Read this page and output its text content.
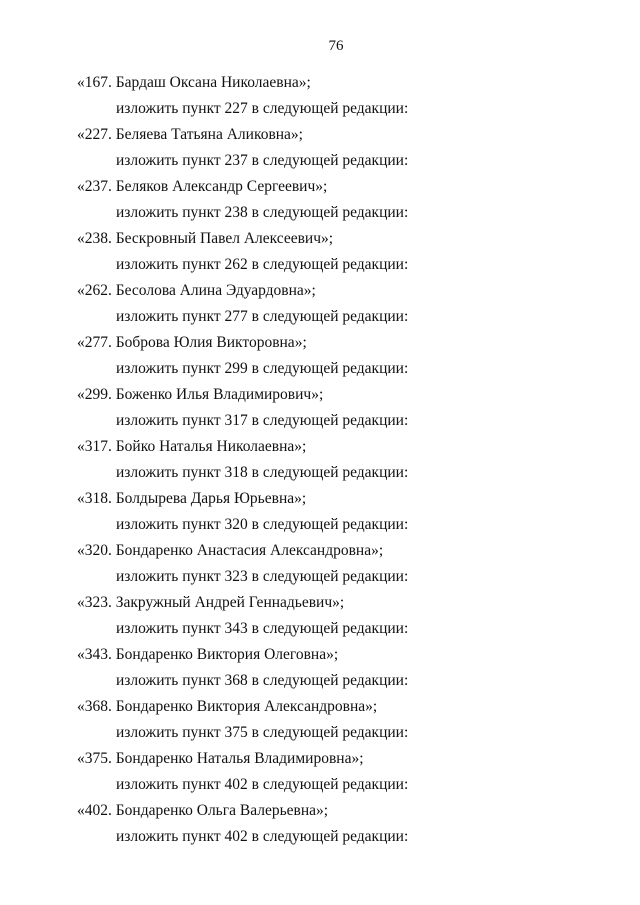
76
«167. Бардаш Оксана Николаевна»;
изложить пункт 227 в следующей редакции:
«227. Беляева Татьяна Аликовна»;
изложить пункт 237 в следующей редакции:
«237. Беляков Александр Сергеевич»;
изложить пункт 238 в следующей редакции:
«238. Бескровный Павел Алексеевич»;
изложить пункт 262 в следующей редакции:
«262. Бесолова Алина Эдуардовна»;
изложить пункт 277 в следующей редакции:
«277. Боброва Юлия Викторовна»;
изложить пункт 299 в следующей редакции:
«299. Боженко Илья Владимирович»;
изложить пункт 317 в следующей редакции:
«317. Бойко Наталья Николаевна»;
изложить пункт 318 в следующей редакции:
«318. Болдырева Дарья Юрьевна»;
изложить пункт 320 в следующей редакции:
«320. Бондаренко Анастасия Александровна»;
изложить пункт 323 в следующей редакции:
«323. Закружный Андрей Геннадьевич»;
изложить пункт 343 в следующей редакции:
«343. Бондаренко Виктория Олеговна»;
изложить пункт 368 в следующей редакции:
«368. Бондаренко Виктория Александровна»;
изложить пункт 375 в следующей редакции:
«375. Бондаренко Наталья Владимировна»;
изложить пункт 402 в следующей редакции:
«402. Бондаренко Ольга Валерьевна»;
изложить пункт 402 в следующей редакции:
